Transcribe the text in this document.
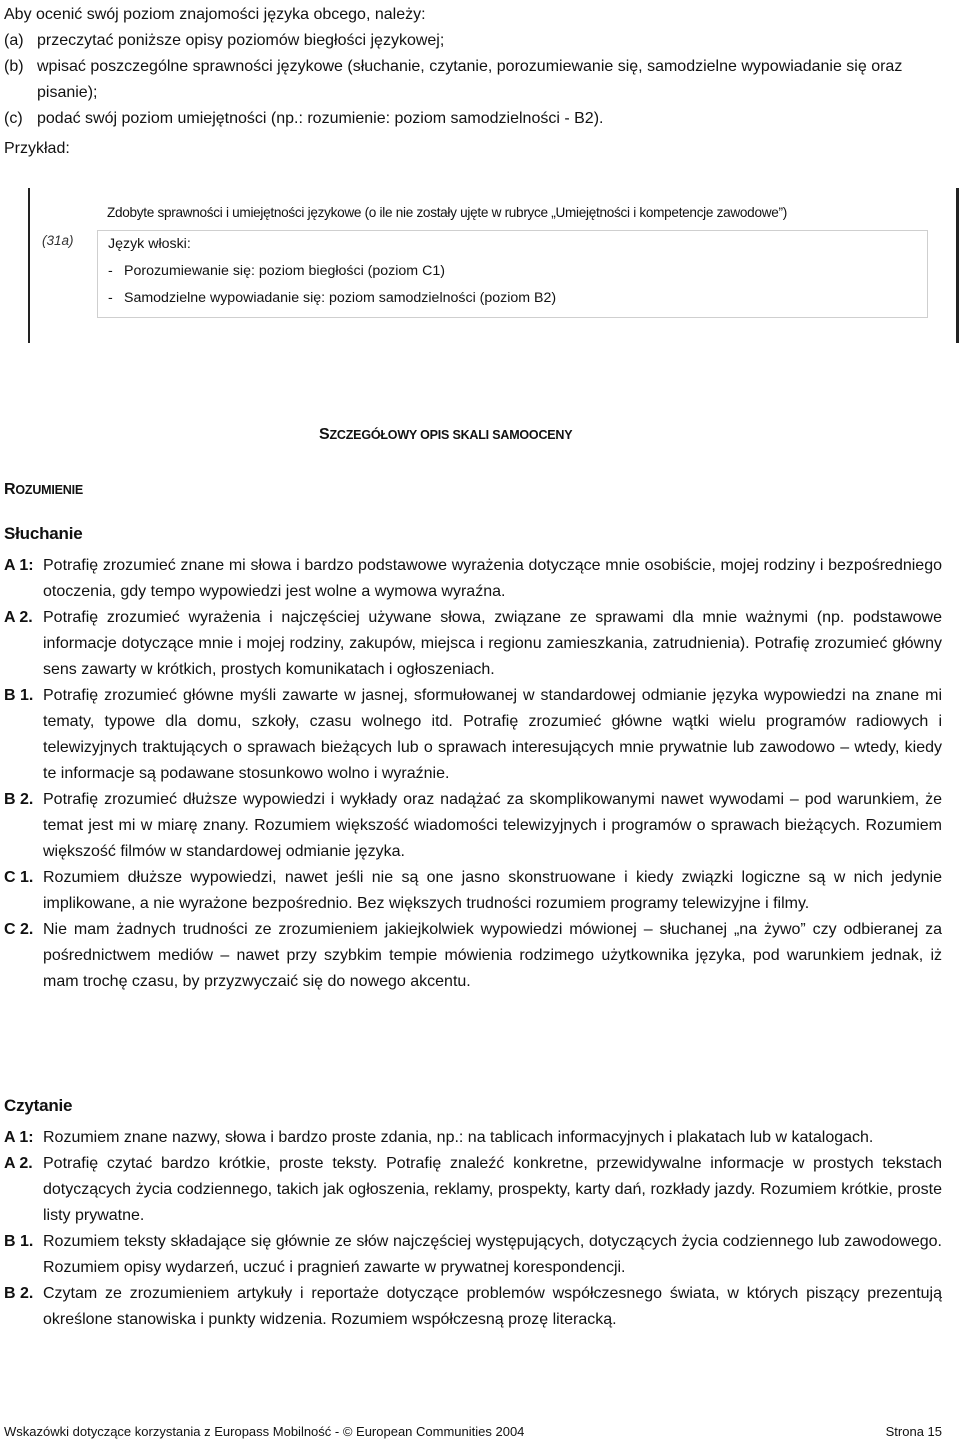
Aby ocenić swój poziom znajomości języka obcego, należy:
(a) przeczytać poniższe opisy poziomów biegłości językowej;
(b) wpisać poszczególne sprawności językowe (słuchanie, czytanie, porozumiewanie się, samodzielne wypowiadanie się oraz pisanie);
(c) podać swój poziom umiejętności (np.: rozumienie: poziom samodzielności - B2).
Przykład:
Zdobyte sprawności i umiejętności językowe (o ile nie zostały ujęte w rubryce „Umiejętności i kompetencje zawodowe”)
(31a) Język włoski:
- Porozumiewanie się: poziom biegłości (poziom C1)
- Samodzielne wypowiadanie się: poziom samodzielności (poziom B2)
SZCZEGÓŁOWY OPIS SKALI SAMOOCENY
ROZUMIENIE
Słuchanie
A 1: Potrafię zrozumieć znane mi słowa i bardzo podstawowe wyrażenia dotyczące mnie osobiście, mojej rodziny i bezpośredniego otoczenia, gdy tempo wypowiedzi jest wolne a wymowa wyraźna.
A 2. Potrafię zrozumieć wyrażenia i najczęściej używane słowa, związane ze sprawami dla mnie ważnymi (np. podstawowe informacje dotyczące mnie i mojej rodziny, zakupów, miejsca i regionu zamieszkania, zatrudnienia). Potrafię zrozumieć główny sens zawarty w krótkich, prostych komunikatach i ogłoszeniach.
B 1. Potrafię zrozumieć główne myśli zawarte w jasnej, sformułowanej w standardowej odmianie języka wypowiedzi na znane mi tematy, typowe dla domu, szkoły, czasu wolnego itd. Potrafię zrozumieć główne wątki wielu programów radiowych i telewizyjnych traktujących o sprawach bieżących lub o sprawach interesujących mnie prywatnie lub zawodowo – wtedy, kiedy te informacje są podawane stosunkowo wolno i wyraźnie.
B 2. Potrafię zrozumieć dłuższe wypowiedzi i wykłady oraz nadążać za skomplikowanymi nawet wywodami – pod warunkiem, że temat jest mi w miarę znany. Rozumiem większość wiadomości telewizyjnych i programów o sprawach bieżących. Rozumiem większość filmów w standardowej odmianie języka.
C 1. Rozumiem dłuższe wypowiedzi, nawet jeśli nie są one jasno skonstruowane i kiedy związki logiczne są w nich jedynie implikowane, a nie wyrażone bezpośrednio. Bez większych trudności rozumiem programy telewizyjne i filmy.
C 2. Nie mam żadnych trudności ze zrozumieniem jakiejkolwiek wypowiedzi mówionej – słuchanej „na żywo” czy odbieranej za pośrednictwem mediów – nawet przy szybkim tempie mówienia rodzimego użytkownika języka, pod warunkiem jednak, iż mam trochę czasu, by przyzwyczaić się do nowego akcentu.
Czytanie
A 1: Rozumiem znane nazwy, słowa i bardzo proste zdania, np.: na tablicach informacyjnych i plakatach lub w katalogach.
A 2. Potrafię czytać bardzo krótkie, proste teksty. Potrafię znaleźć konkretne, przewidywalne informacje w prostych tekstach dotyczących życia codziennego, takich jak ogłoszenia, reklamy, prospekty, karty dań, rozkłady jazdy. Rozumiem krótkie, proste listy prywatne.
B 1. Rozumiem teksty składające się głównie ze słów najczęściej występujących, dotyczących życia codziennego lub zawodowego. Rozumiem opisy wydarzeń, uczuć i pragnień zawarte w prywatnej korespondencji.
B 2. Czytam ze zrozumieniem artykuły i reportaże dotyczące problemów współczesnego świata, w których piszący prezentują określone stanowiska i punkty widzenia. Rozumiem współczesną prozę literacką.
Wskazówki dotyczące korzystania z Europass Mobilność - © European Communities 2004	Strona 15
